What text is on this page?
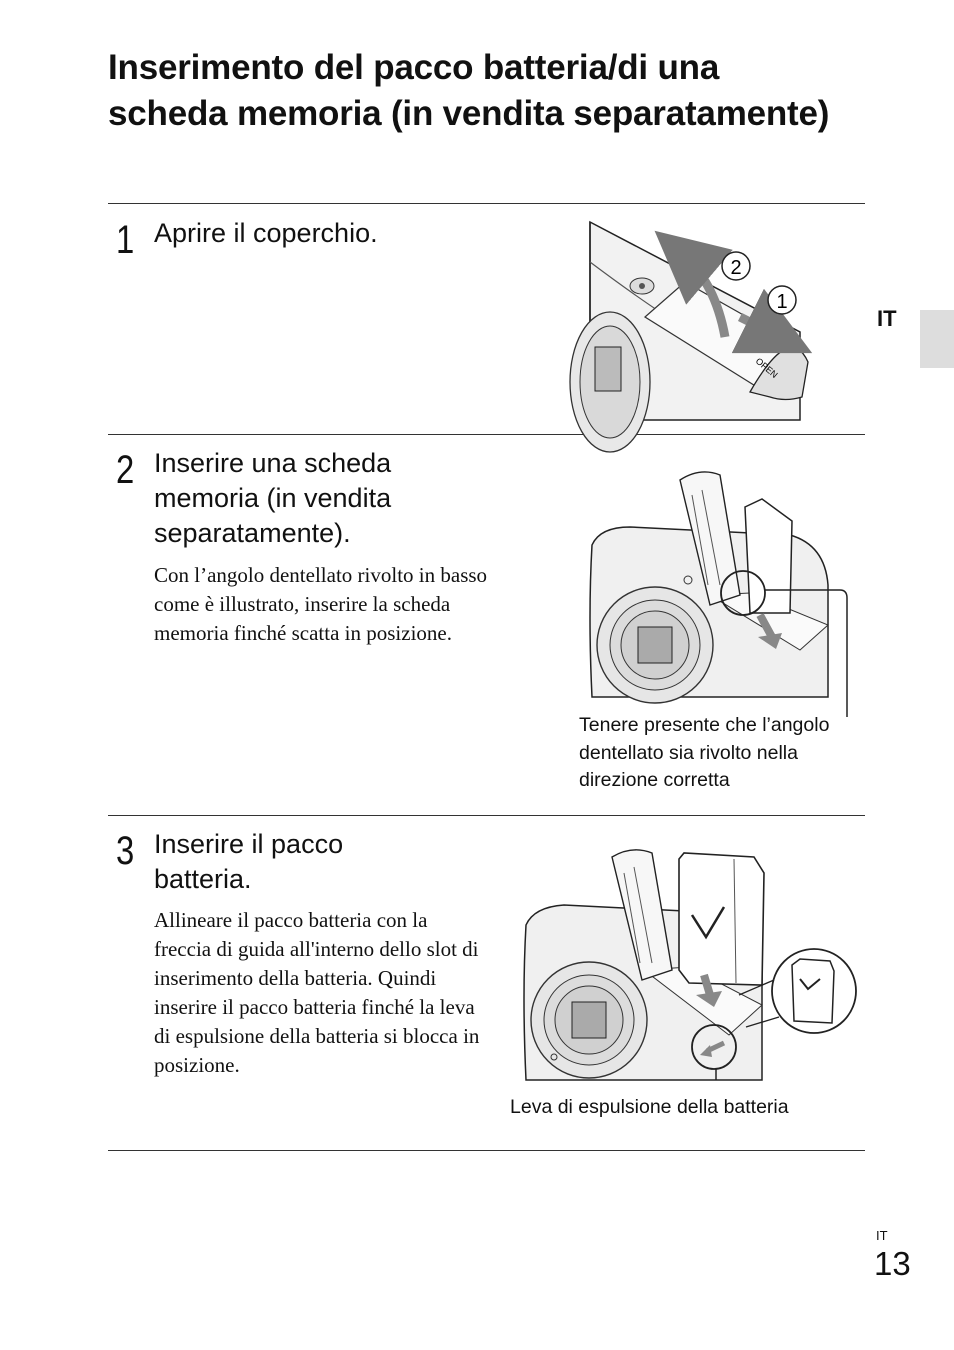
Inserimento del pacco batteria/di una scheda memoria (in vendita separatamente)
IT
1 Aprire il coperchio.
OPEN
2
1
2 Inserire una scheda memoria (in vendita separatamente).
Con l’angolo dentellato rivolto in basso come è illustrato, inserire la scheda memoria finché scatta in posizione.
Tenere presente che l’angolo dentellato sia rivolto nella direzione corretta
3 Inserire il pacco batteria.
Allineare il pacco batteria con la freccia di guida all'interno dello slot di inserimento della batteria. Quindi inserire il pacco batteria finché la leva di espulsione della batteria si blocca in posizione.
Leva di espulsione della batteria
IT
13
